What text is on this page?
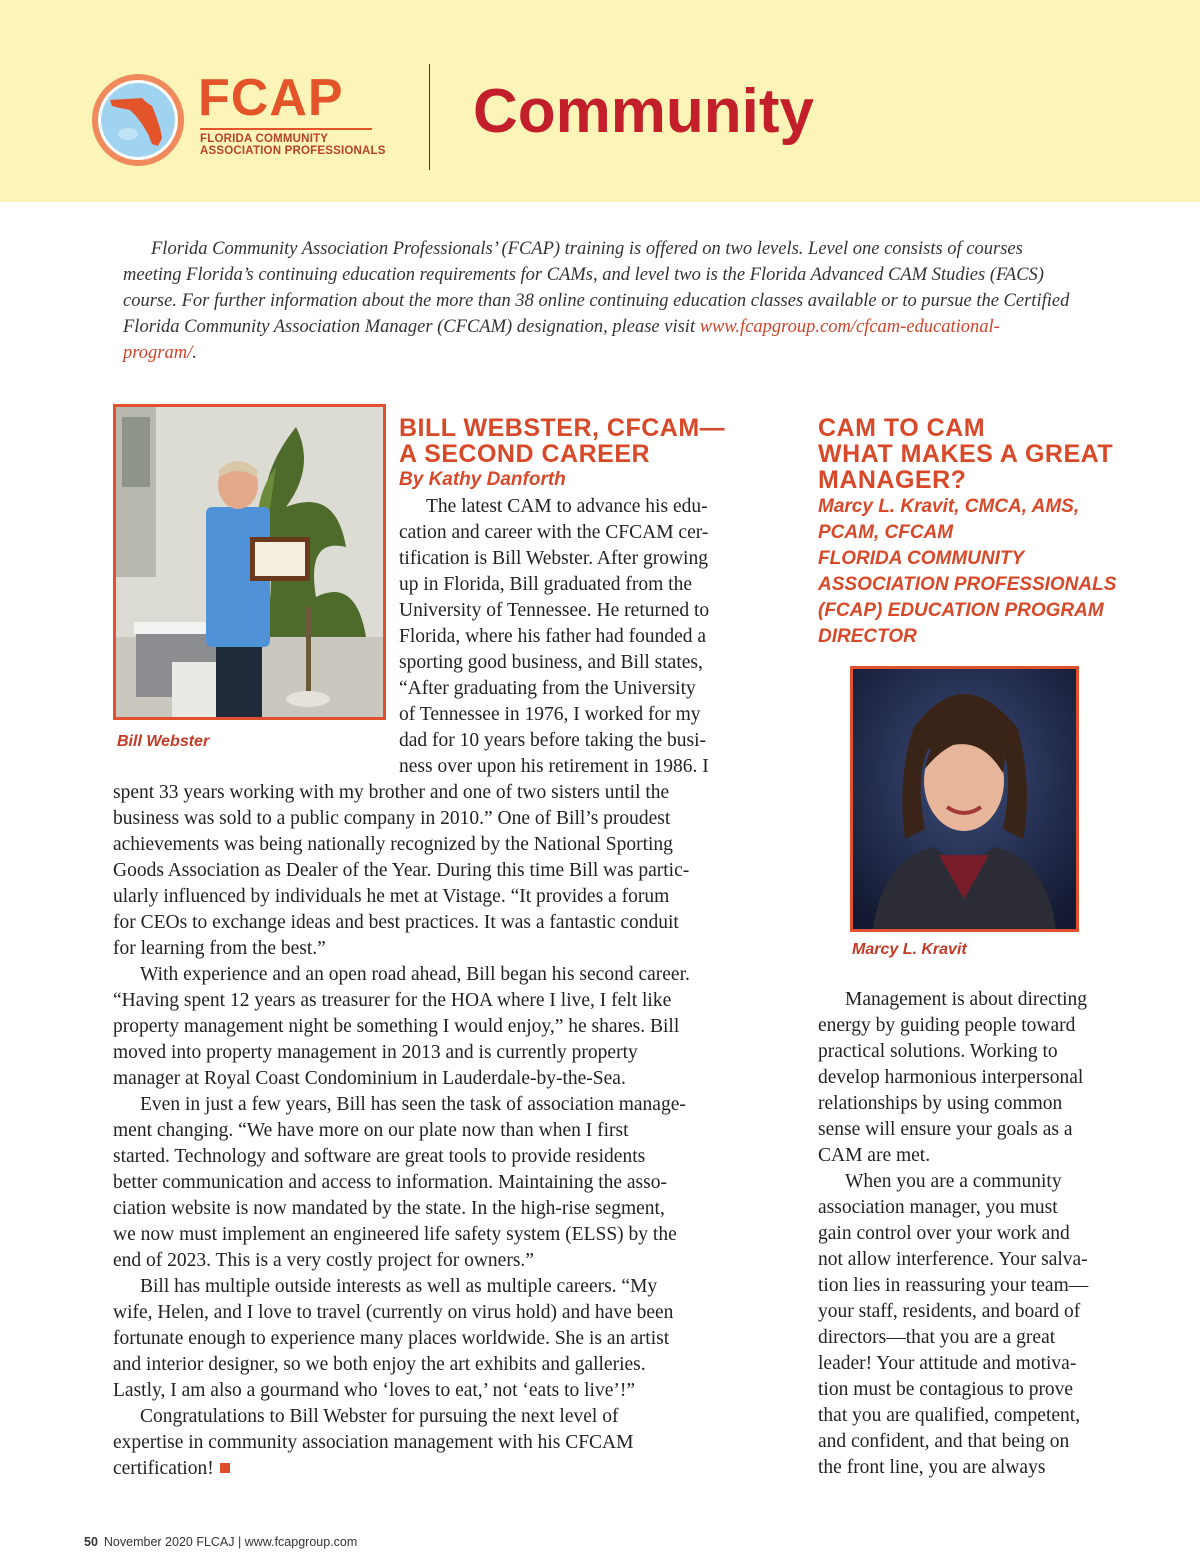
FCAP
FLORIDA COMMUNITY
ASSOCIATION PROFESSIONALS
Community
Florida Community Association Professionals’ (FCAP) training is offered on two levels. Level one consists of courses meeting Florida’s continuing education requirements for CAMs, and level two is the Florida Advanced CAM Studies (FACS) course. For further information about the more than 38 online continuing education classes available or to pursue the Certified Florida Community Association Manager (CFCAM) designation, please visit www.fcapgroup.com/cfcam-educational-program/.
Bill Webster
BILL WEBSTER, CFCAM—
A SECOND CAREER
By Kathy Danforth
The latest CAM to advance his edu-
cation and career with the CFCAM cer-
tification is Bill Webster. After growing
up in Florida, Bill graduated from the
University of Tennessee. He returned to
Florida, where his father had founded a
sporting good business, and Bill states,
“After graduating from the University
of Tennessee in 1976, I worked for my
dad for 10 years before taking the busi-
ness over upon his retirement in 1986. I
spent 33 years working with my brother and one of two sisters until the
business was sold to a public company in 2010.” One of Bill’s proudest
achievements was being nationally recognized by the National Sporting
Goods Association as Dealer of the Year. During this time Bill was partic-
ularly influenced by individuals he met at Vistage. “It provides a forum
for CEOs to exchange ideas and best practices. It was a fantastic conduit
for learning from the best.”
With experience and an open road ahead, Bill began his second career.
“Having spent 12 years as treasurer for the HOA where I live, I felt like
property management night be something I would enjoy,” he shares. Bill
moved into property management in 2013 and is currently property
manager at Royal Coast Condominium in Lauderdale-by-the-Sea.
Even in just a few years, Bill has seen the task of association manage-
ment changing. “We have more on our plate now than when I first
started. Technology and software are great tools to provide residents
better communication and access to information. Maintaining the asso-
ciation website is now mandated by the state. In the high-rise segment,
we now must implement an engineered life safety system (ELSS) by the
end of 2023. This is a very costly project for owners.”
Bill has multiple outside interests as well as multiple careers. “My
wife, Helen, and I love to travel (currently on virus hold) and have been
fortunate enough to experience many places worldwide. She is an artist
and interior designer, so we both enjoy the art exhibits and galleries.
Lastly, I am also a gourmand who ‘loves to eat,’ not ‘eats to live’!”
Congratulations to Bill Webster for pursuing the next level of
expertise in community association management with his CFCAM
certification!
CAM TO CAM
WHAT MAKES A GREAT
MANAGER?
Marcy L. Kravit, CMCA, AMS,
PCAM, CFCAM
FLORIDA COMMUNITY
ASSOCIATION PROFESSIONALS
(FCAP) EDUCATION PROGRAM
DIRECTOR
Marcy L. Kravit
Management is about directing
energy by guiding people toward
practical solutions. Working to
develop harmonious interpersonal
relationships by using common
sense will ensure your goals as a
CAM are met.
When you are a community
association manager, you must
gain control over your work and
not allow interference. Your salva-
tion lies in reassuring your team—
your staff, residents, and board of
directors—that you are a great
leader! Your attitude and motiva-
tion must be contagious to prove
that you are qualified, competent,
and confident, and that being on
the front line, you are always
50 November 2020 FLCAJ | www.fcapgroup.com
